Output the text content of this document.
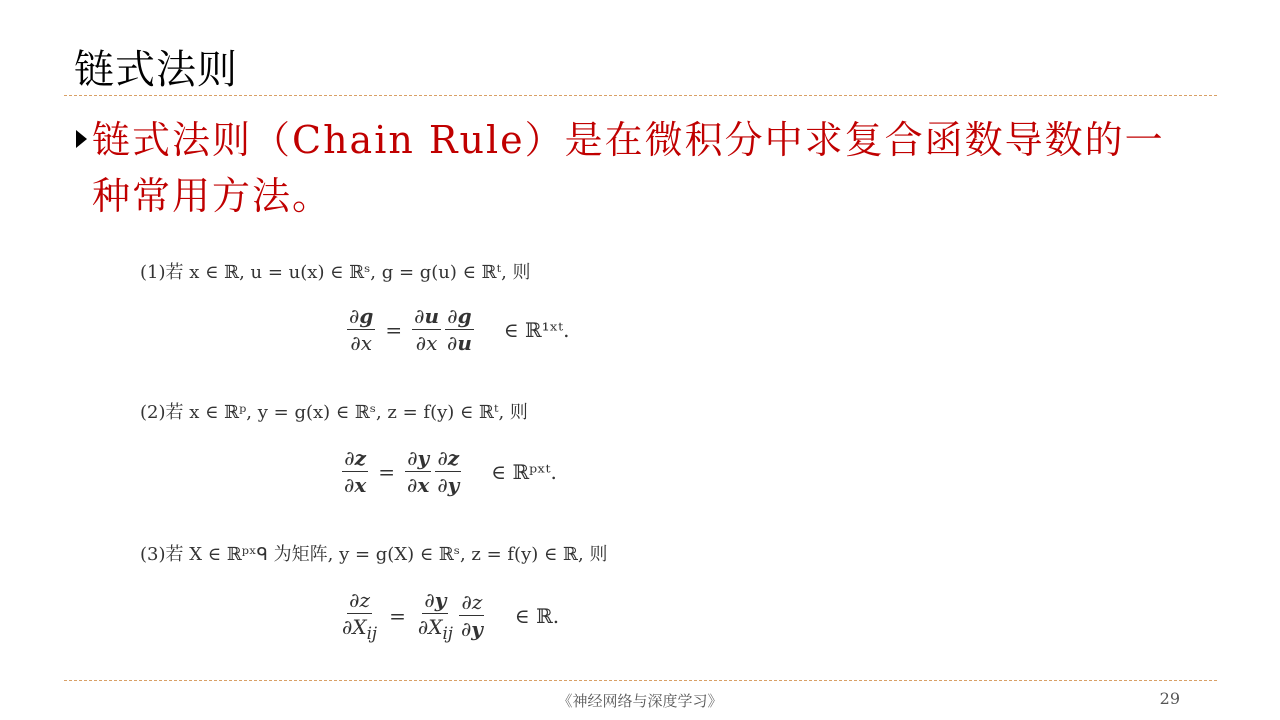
链式法则
链式法则（Chain Rule）是在微积分中求复合函数导数的一种常用方法。
(1)若 x ∈ ℝ, u = u(x) ∈ ℝˢ, g = g(u) ∈ ℝᵗ, 则
$\frac{\partial g}{\partial x} = \frac{\partial u}{\partial x} \frac{\partial g}{\partial u}$ ∈ ℝ¹ˣᵗ.
(2)若 x ∈ ℝᵖ, y = g(x) ∈ ℝˢ, z = f(y) ∈ ℝᵗ, 则
$\frac{\partial z}{\partial x} = \frac{\partial y}{\partial x} \frac{\partial z}{\partial y}$ ∈ ℝᵖˣᵗ.
(3)若 X ∈ ℝᵖˣᑫ 为矩阵, y = g(X) ∈ ℝˢ, z = f(y) ∈ ℝ, 则
$\frac{\partial z}{\partial X_{ij}} = \frac{\partial y}{\partial X_{ij}} \frac{\partial z}{\partial y}$ ∈ ℝ.
《神经网络与深度学习》	29
